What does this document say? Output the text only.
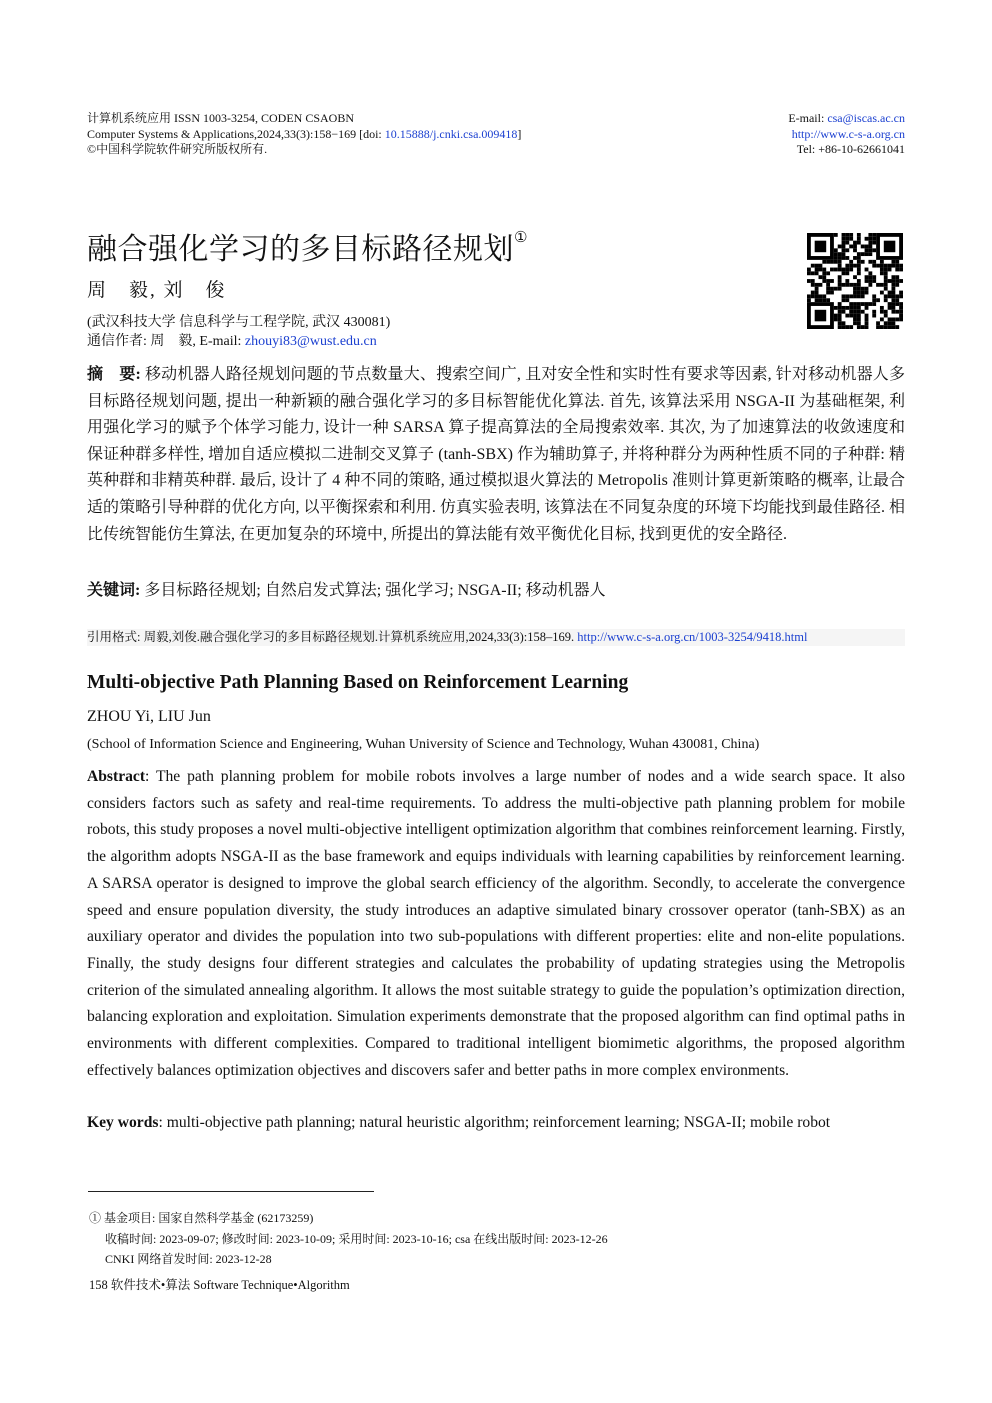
计算机系统应用 ISSN 1003-3254, CODEN CSAOBN
Computer Systems & Applications,2024,33(3):158−169 [doi: 10.15888/j.cnki.csa.009418]
©中国科学院软件研究所版权所有.
E-mail: csa@iscas.ac.cn
http://www.c-s-a.org.cn
Tel: +86-10-62661041
融合强化学习的多目标路径规划①
周　毅, 刘　俊
(武汉科技大学 信息科学与工程学院, 武汉 430081)
通信作者: 周　毅, E-mail: zhouyi83@wust.edu.cn
摘　要: 移动机器人路径规划问题的节点数量大、搜索空间广, 且对安全性和实时性有要求等因素, 针对移动机器人多目标路径规划问题, 提出一种新颖的融合强化学习的多目标智能优化算法. 首先, 该算法采用 NSGA-II 为基础框架, 利用强化学习的赋予个体学习能力, 设计一种 SARSA 算子提高算法的全局搜索效率. 其次, 为了加速算法的收敛速度和保证种群多样性, 增加自适应模拟二进制交叉算子 (tanh-SBX) 作为辅助算子, 并将种群分为两种性质不同的子种群: 精英种群和非精英种群. 最后, 设计了 4 种不同的策略, 通过模拟退火算法的 Metropolis 准则计算更新策略的概率, 让最合适的策略引导种群的优化方向, 以平衡探索和利用. 仿真实验表明, 该算法在不同复杂度的环境下均能找到最佳路径. 相比传统智能仿生算法, 在更加复杂的环境中, 所提出的算法能有效平衡优化目标, 找到更优的安全路径.
关键词: 多目标路径规划; 自然启发式算法; 强化学习; NSGA-II; 移动机器人
引用格式: 周毅,刘俊.融合强化学习的多目标路径规划.计算机系统应用,2024,33(3):158–169. http://www.c-s-a.org.cn/1003-3254/9418.html
Multi-objective Path Planning Based on Reinforcement Learning
ZHOU Yi, LIU Jun
(School of Information Science and Engineering, Wuhan University of Science and Technology, Wuhan 430081, China)
Abstract: The path planning problem for mobile robots involves a large number of nodes and a wide search space. It also considers factors such as safety and real-time requirements. To address the multi-objective path planning problem for mobile robots, this study proposes a novel multi-objective intelligent optimization algorithm that combines reinforcement learning. Firstly, the algorithm adopts NSGA-II as the base framework and equips individuals with learning capabilities by reinforcement learning. A SARSA operator is designed to improve the global search efficiency of the algorithm. Secondly, to accelerate the convergence speed and ensure population diversity, the study introduces an adaptive simulated binary crossover operator (tanh-SBX) as an auxiliary operator and divides the population into two sub-populations with different properties: elite and non-elite populations. Finally, the study designs four different strategies and calculates the probability of updating strategies using the Metropolis criterion of the simulated annealing algorithm. It allows the most suitable strategy to guide the population’s optimization direction, balancing exploration and exploitation. Simulation experiments demonstrate that the proposed algorithm can find optimal paths in environments with different complexities. Compared to traditional intelligent biomimetic algorithms, the proposed algorithm effectively balances optimization objectives and discovers safer and better paths in more complex environments.
Key words: multi-objective path planning; natural heuristic algorithm; reinforcement learning; NSGA-II; mobile robot
① 基金项目: 国家自然科学基金 (62173259)
收稿时间: 2023-09-07; 修改时间: 2023-10-09; 采用时间: 2023-10-16; csa 在线出版时间: 2023-12-26
CNKI 网络首发时间: 2023-12-28
158 软件技术•算法 Software Technique•Algorithm
